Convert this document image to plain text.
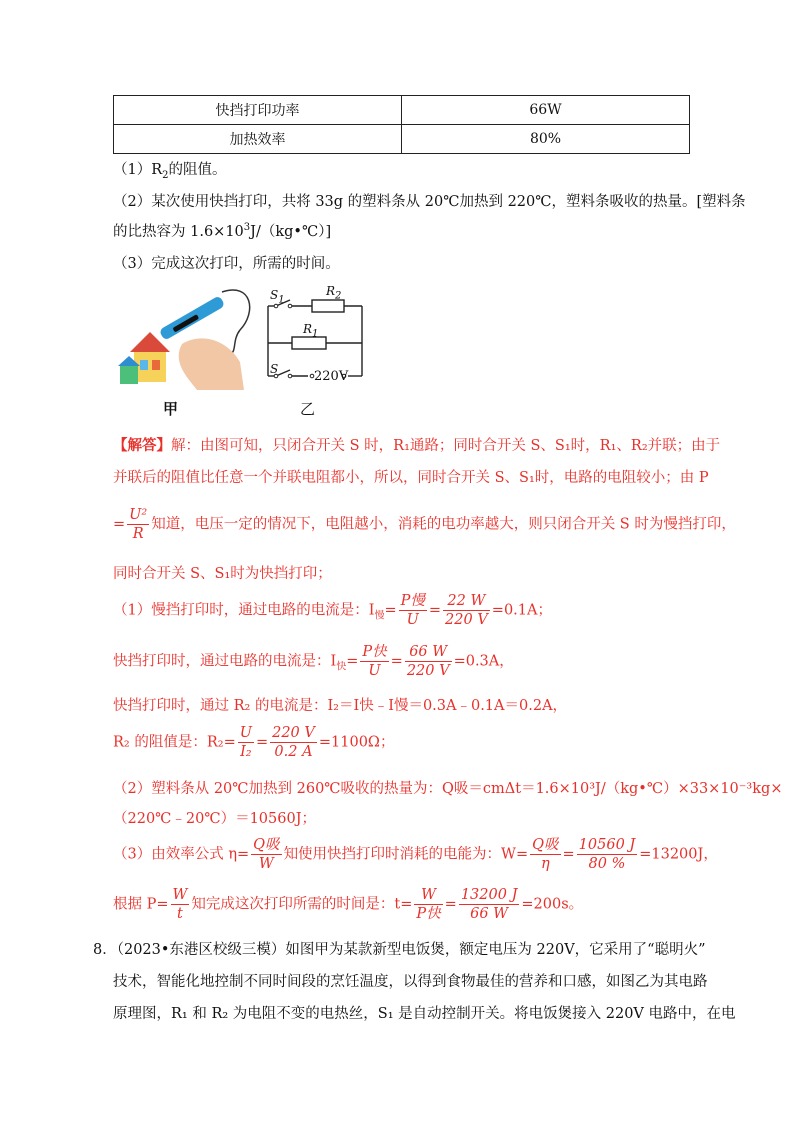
快挡打印功率	66W
加热效率	80%
$(1)R_2$的阻值。
（2）某次使用快挡打印，共将 33g 的塑料条从 20℃加热到 220℃，塑料条吸收的热量。[塑料条
的比热容为 $1.6\times 10^3J/(kg•℃)$]
（3）完成这次打印，所需的时间。
$S_1$
$R_2$
$R_1$
S	220V
甲	乙
【解答】解：由图可知，只闭合开关 S 时，R₁通路；同时合开关 S、S₁时，R₁、R₂并联；由于
并联后的阻值比任意一个并联电阻都小，所以，同时合开关 S、S₁时，电路的电阻较小；由 P
= $\frac{\text{U²}}{R}$ 知道，电压一定的情况下，电阻越小，消耗的电功率越大，则只闭合开关 S 时为慢挡打印，
同时合开关 S、S₁时为快挡打印；
（1）慢挡打印时，通过电路的电流是：$I_慢= \frac{\text{P慢}}{U} = \frac{22 W}{220 V} =0.1A$；
快挡打印时，通过电路的电流是：$I_快= \frac{\text{P快}}{U} = \frac{66 W}{220 V} =0.3A$，
快挡打印时，通过 R₂ 的电流是：I₂＝I快﹣I慢＝0.3A﹣0.1A＝0.2A，
R₂ 的阻值是：$R_2= \frac{U}{\text{I₂}} = \frac{220 V}{0.2 A} =1100\Omega$；
（2）塑料条从 20℃加热到 260℃吸收的热量为：Q吸＝cmΔt＝1.6×10³J/（kg•℃）×33×10⁻³kg×
（220℃﹣20℃）＝10560J；
（3）由效率公式 $\eta= \frac{\text{Q吸}}{W}$ 知使用快挡打印时消耗的电能为：$W= \frac{\text{Q吸}}{\eta} = \frac{10560 J}{80 \%} =13200J$，
根据 $P= \frac{W}{t}$ 知完成这次打印所需的时间是：$t= \frac{W}{\text{P快}} = \frac{13200 J}{66 W} =200s$。
8．（2023•东港区校级三模）如图甲为某款新型电饭煲，额定电压为 220V，它采用了“聪明火”
技术，智能化地控制不同时间段的烹饪温度，以得到食物最佳的营养和口感，如图乙为其电路
原理图，R₁ 和 R₂ 为电阻不变的电热丝，S₁ 是自动控制开关。将电饭煲接入 220V 电路中，在电
